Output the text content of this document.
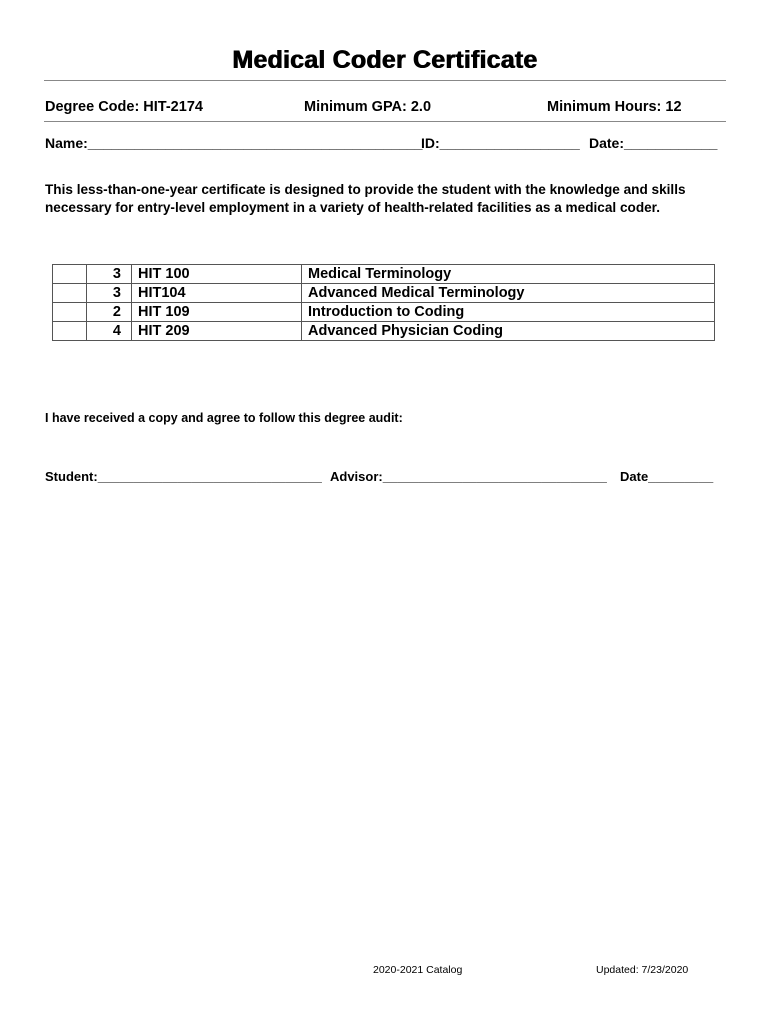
Medical Coder Certificate
Degree Code: HIT-2174	Minimum GPA: 2.0	Minimum Hours: 12
Name:___________________________________________
ID:__________________ Date:____________
This less-than-one-year certificate is designed to provide the student with the knowledge and skills necessary for entry-level employment in a variety of health-related facilities as a medical coder.
	3	HIT 100	Medical Terminology
	3	HIT104	Advanced Medical Terminology
	2	HIT 109	Introduction to Coding
	4	HIT 209	Advanced Physician Coding
I have received a copy and agree to follow this degree audit:
Student:_______________________________ Advisor:_______________________________ Date_________
2020-2021 Catalog	Updated: 7/23/2020
